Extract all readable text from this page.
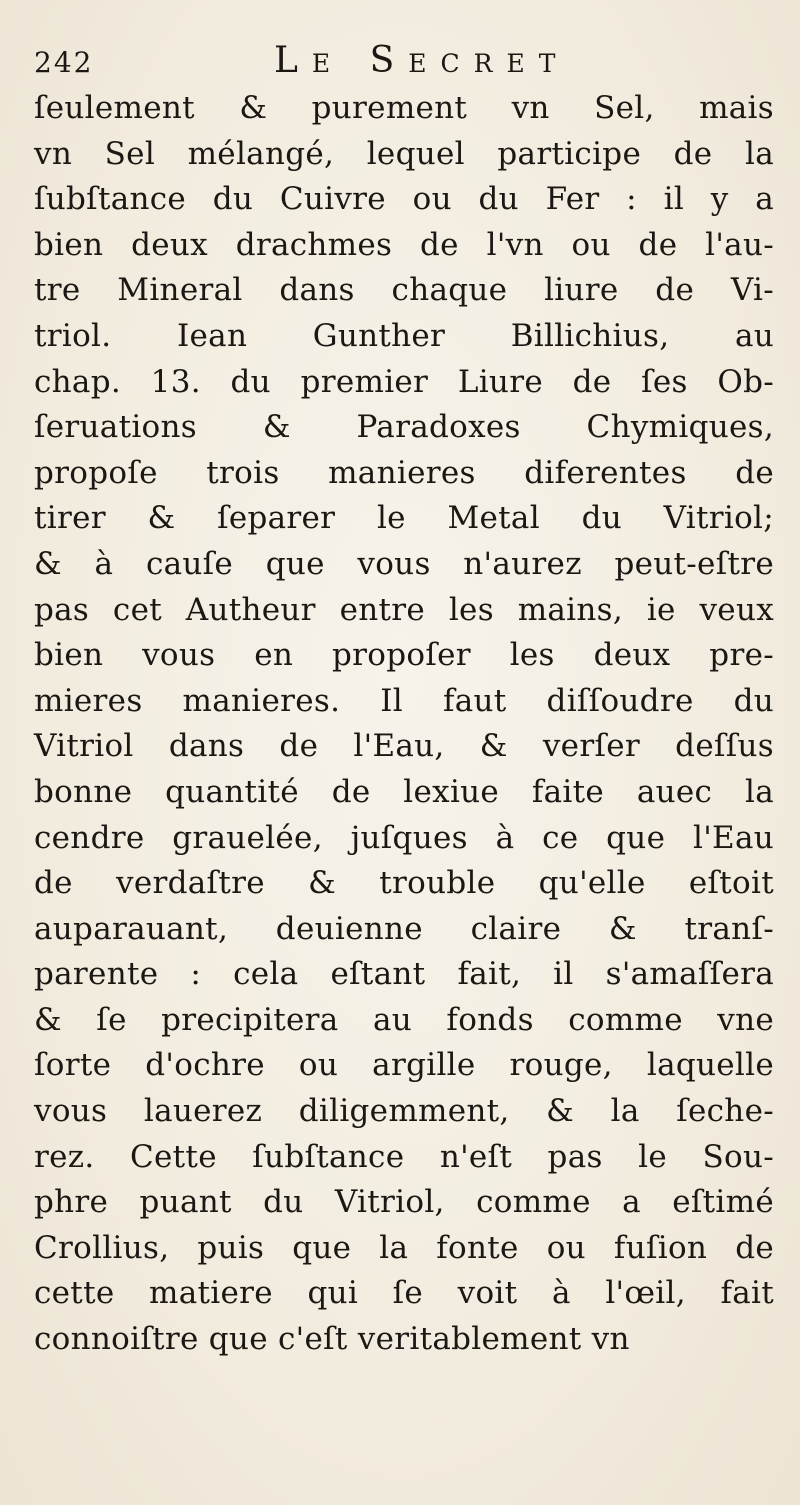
242	Le Secret
ſeulement & purement vn Sel, mais
vn Sel mélangé, lequel participe de la
ſubſtance du Cuivre ou du Fer : il y a
bien deux drachmes de l'vn ou de l'au-
tre Mineral dans chaque liure de Vi-
triol. Iean Gunther Billichius, au
chap. 13. du premier Liure de ſes Ob-
ſeruations & Paradoxes Chymiques,
propoſe trois manieres diferentes de
tirer & ſeparer le Metal du Vitriol;
& à cauſe que vous n'aurez peut-eſtre
pas cet Autheur entre les mains, ie veux
bien vous en propoſer les deux pre-
mieres manieres. Il faut diſſoudre du
Vitriol dans de l'Eau, & verſer deſſus
bonne quantité de lexiue faite auec la
cendre grauelée, juſques à ce que l'Eau
de verdaſtre & trouble qu'elle eſtoit
auparauant, deuienne claire & tranſ-
parente : cela eſtant fait, il s'amaſſera
& ſe precipitera au fonds comme vne
ſorte d'ochre ou argille rouge, laquelle
vous lauerez diligemment, & la ſeche-
rez. Cette ſubſtance n'eſt pas le Sou-
phre puant du Vitriol, comme a eſtimé
Crollius, puis que la fonte ou fuſion de
cette matiere qui ſe voit à l'œil, fait
connoiſtre que c'eſt veritablement vn
